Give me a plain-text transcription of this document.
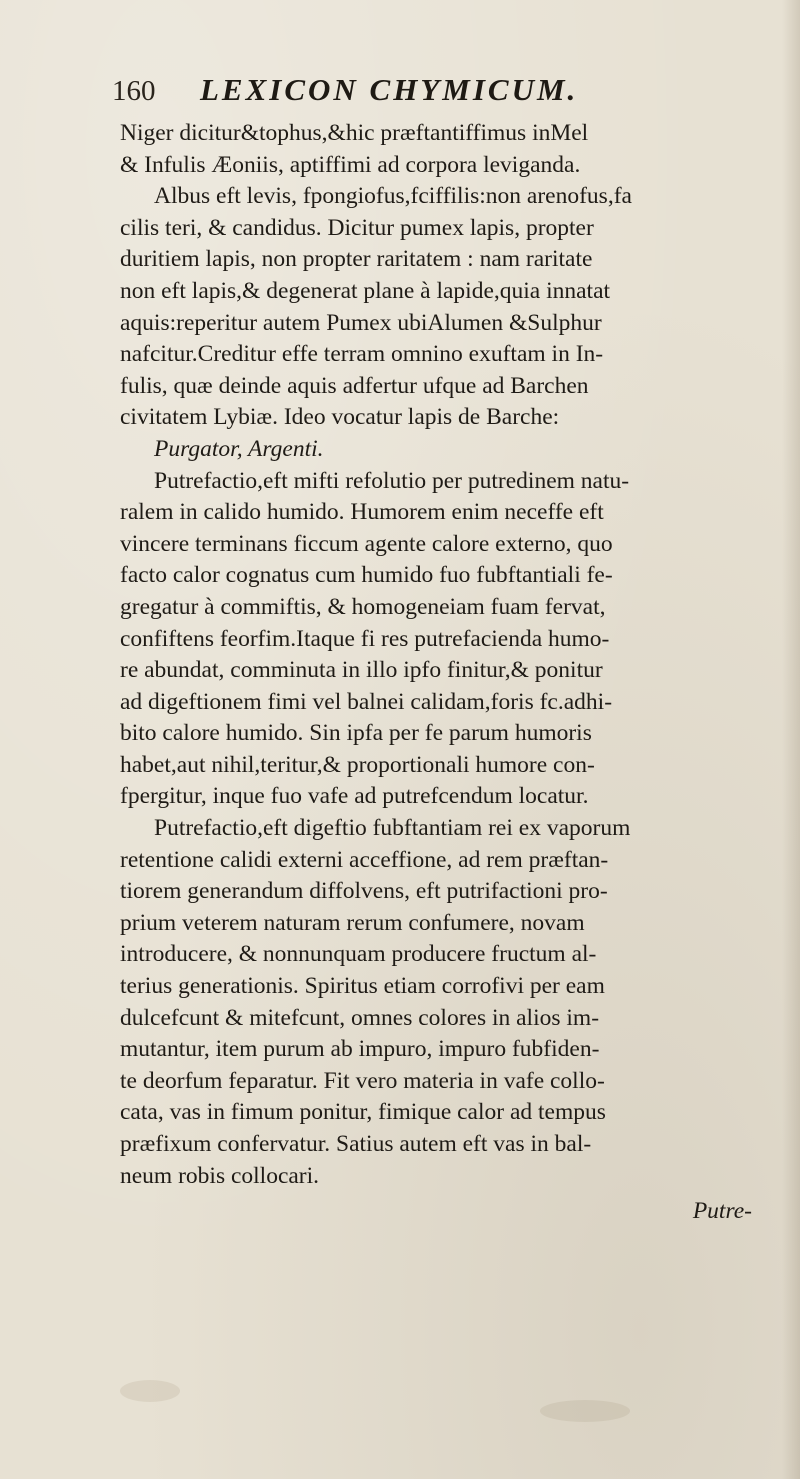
160	LEXICON CHYMICUM.
Niger dicitur&tophus,&hic præftantiffimus inMel
& Infulis Æoniis, aptiffimi ad corpora leviganda.
Albus eft levis, fpongiofus,fciffilis:non arenofus,fa
cilis teri, & candidus. Dicitur pumex lapis, propter
duritiem lapis, non propter raritatem : nam raritate
non eft lapis,& degenerat plane à lapide,quia innatat
aquis:reperitur autem Pumex ubiAlumen &Sulphur
nafcitur.Creditur effe terram omnino exuftam in In-
fulis, quæ deinde aquis adfertur ufque ad Barchen
civitatem Lybiæ. Ideo vocatur lapis de Barche:
Purgator, Argenti.
Putrefactio,eft mifti refolutio per putredinem natu-
ralem in calido humido. Humorem enim neceffe eft
vincere terminans ficcum agente calore externo, quo
facto calor cognatus cum humido fuo fubftantiali fe-
gregatur à commiftis, & homogeneiam fuam fervat,
confiftens feorfim.Itaque fi res putrefacienda humo-
re abundat, comminuta in illo ipfo finitur,& ponitur
ad digeftionem fimi vel balnei calidam,foris fc.adhi-
bito calore humido. Sin ipfa per fe parum humoris
habet,aut nihil,teritur,& proportionali humore con-
fpergitur, inque fuo vafe ad putrefcendum locatur.
Putrefactio,eft digeftio fubftantiam rei ex vaporum
retentione calidi externi acceffione, ad rem præftan-
tiorem generandum diffolvens, eft putrifactioni pro-
prium veterem naturam rerum confumere, novam
introducere, & nonnunquam producere fructum al-
terius generationis. Spiritus etiam corrofivi per eam
dulcefcunt & mitefcunt, omnes colores in alios im-
mutantur, item purum ab impuro, impuro fubfiden-
te deorfum feparatur. Fit vero materia in vafe collo-
cata, vas in fimum ponitur, fimique calor ad tempus
præfixum confervatur. Satius autem eft vas in bal-
neum robis collocari.
Putre-
